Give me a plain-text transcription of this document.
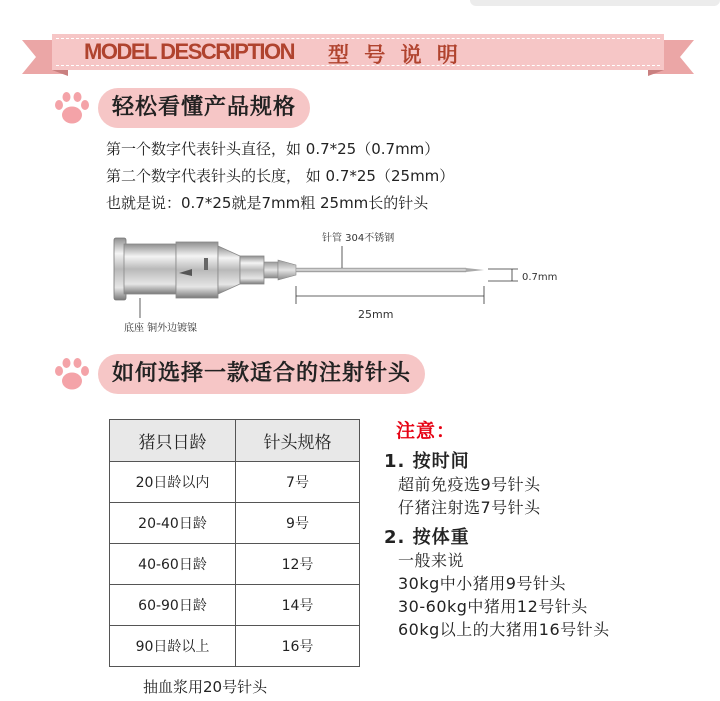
MODEL DESCRIPTION 型 号 说 明
轻松看懂产品规格
第一个数字代表针头直径，如 0.7*25（0.7mm）
第二个数字代表针头的长度， 如 0.7*25（25mm）
也就是说：0.7*25就是7mm粗 25mm长的针头
针管 304不锈钢
0.7mm
25mm
底座 铜外边镀镍
如何选择一款适合的注射针头
猪只日龄	针头规格
20日龄以内	7号
20-40日龄	9号
40-60日龄	12号
60-90日龄	14号
90日龄以上	16号
抽血浆用20号针头
注意：
1. 按时间
超前免疫选9号针头
仔猪注射选7号针头
2. 按体重
一般来说
30kg中小猪用9号针头
30-60kg中猪用12号针头
60kg以上的大猪用16号针头
